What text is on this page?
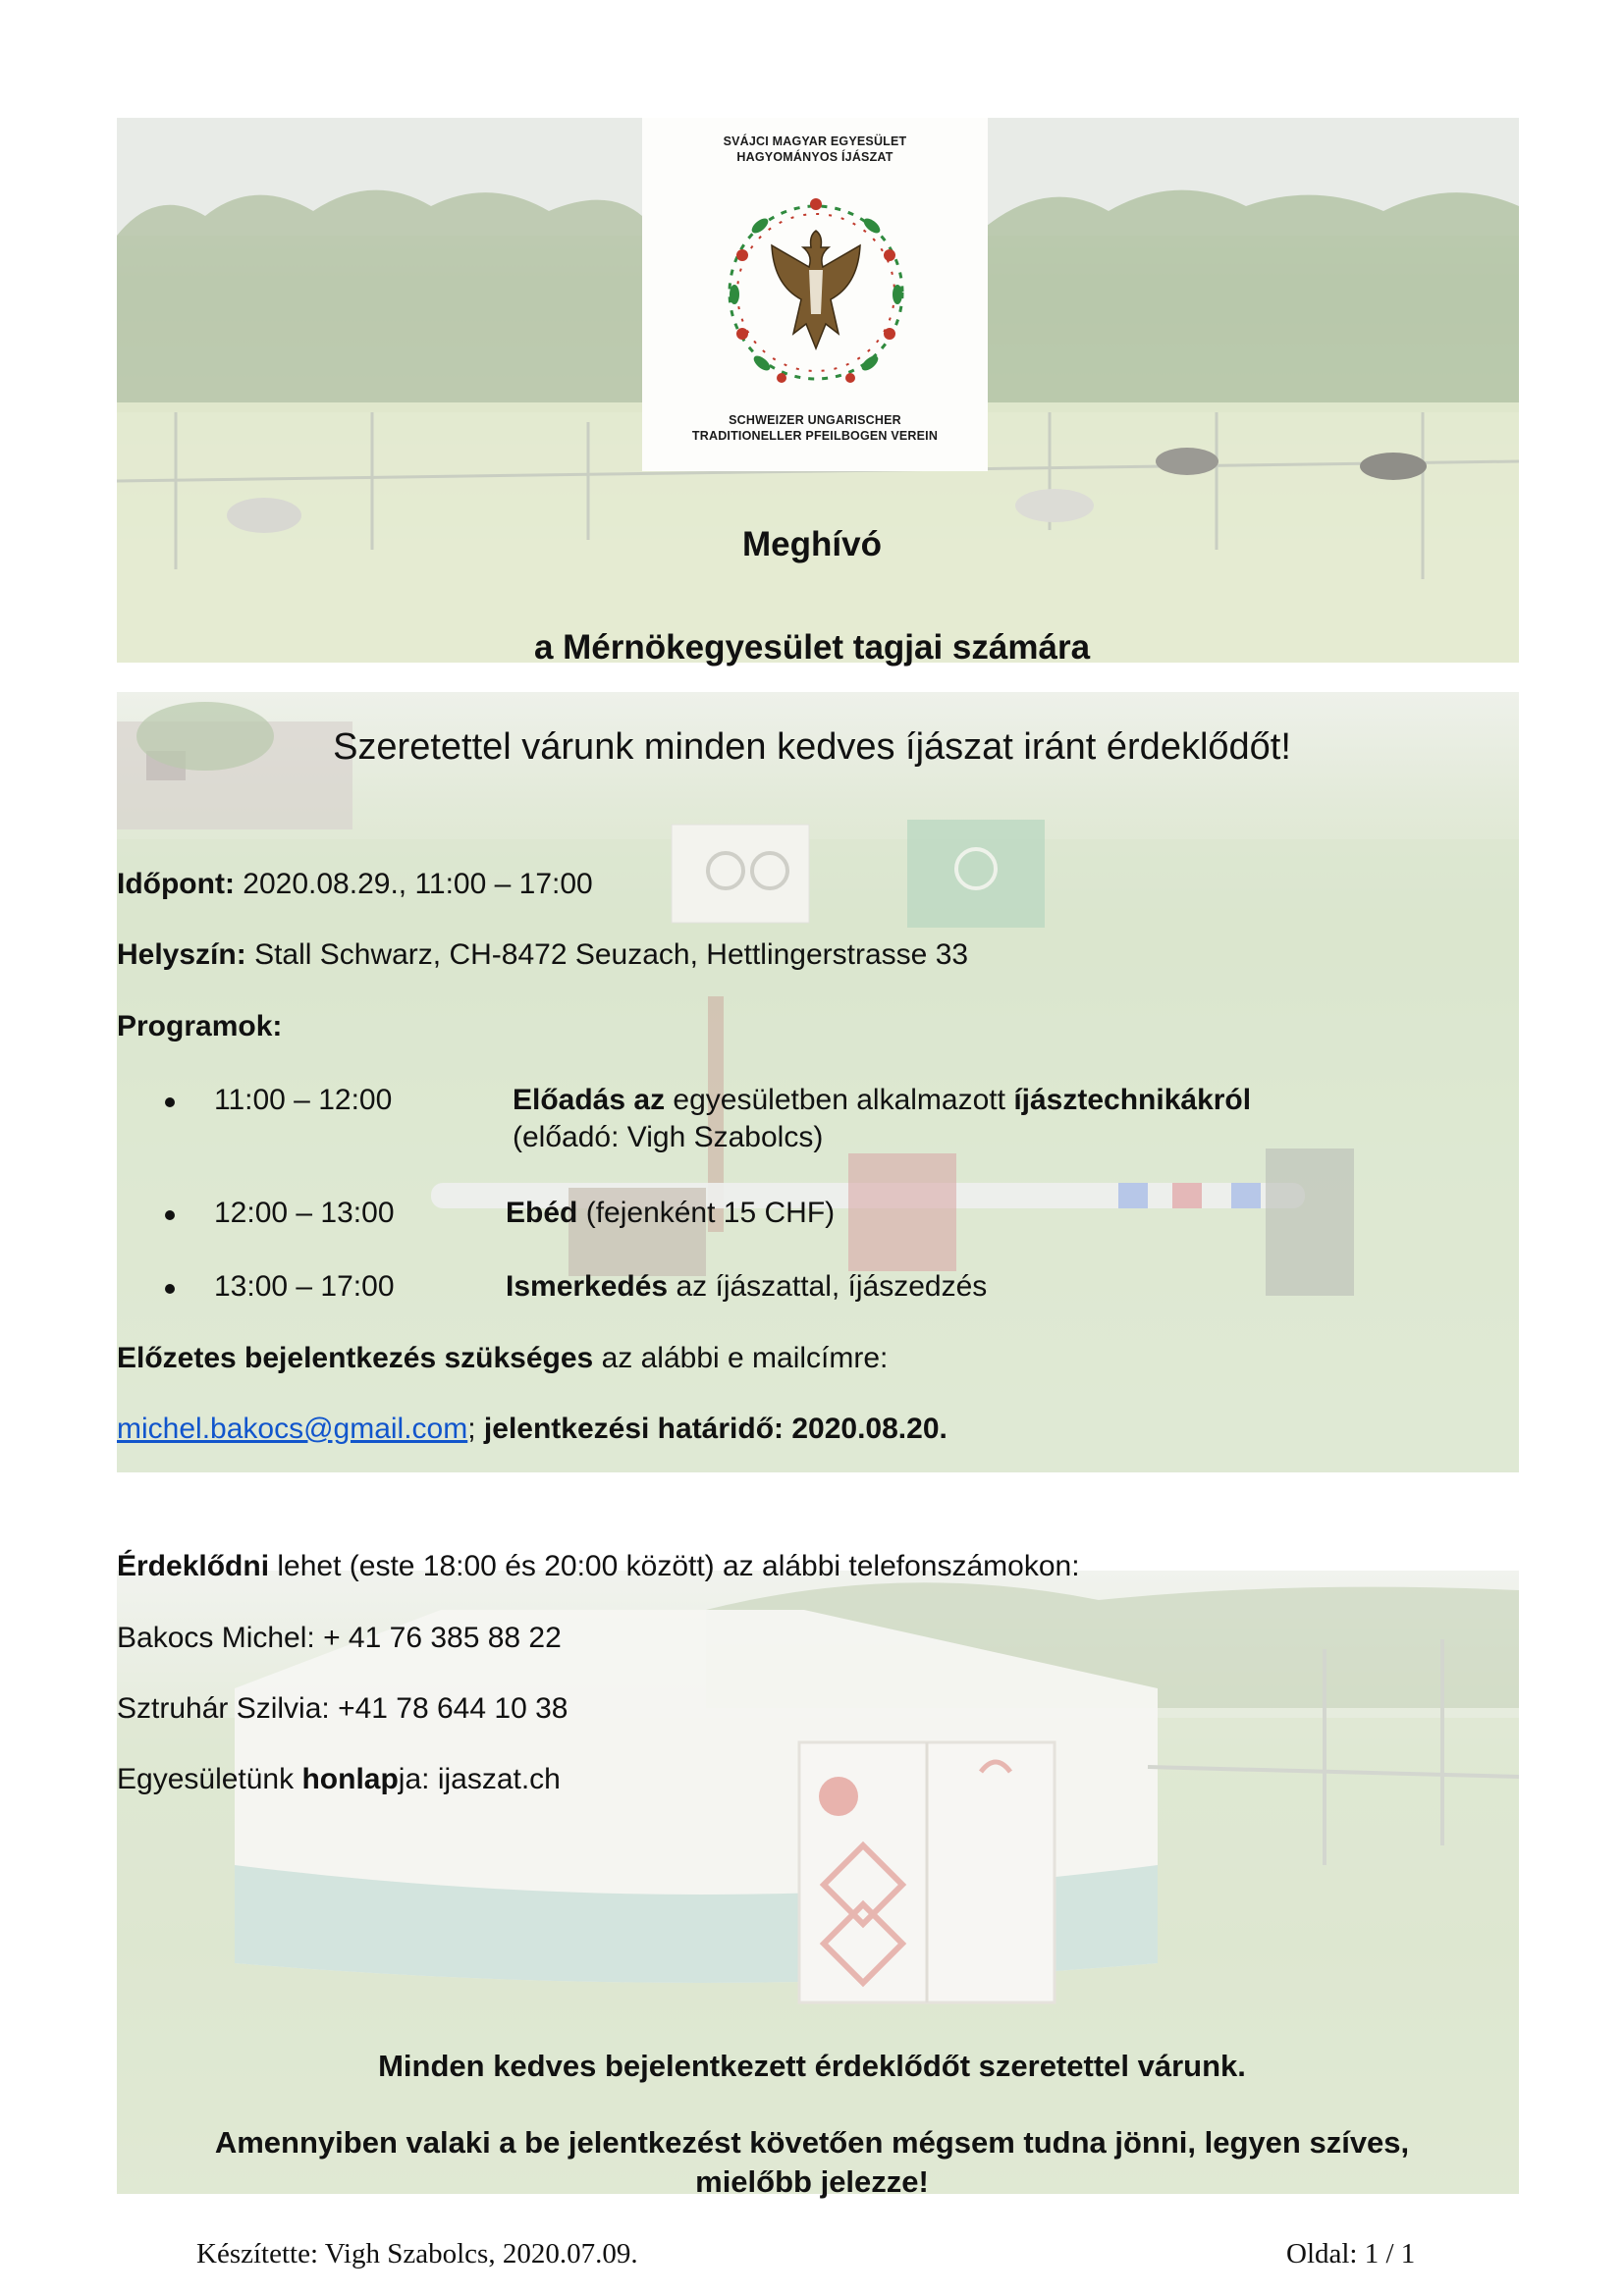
SVÁJCI MAGYAR EGYESÜLET
HAGYOMÁNYOS ÍJÁSZAT
SCHWEIZER UNGARISCHER
TRADITIONELLER PFEILBOGEN VEREIN
Meghívó
a Mérnökegyesület tagjai számára
Szeretettel várunk minden kedves íjászat iránt érdeklődőt!
Időpont: 2020.08.29., 11:00 – 17:00
Helyszín: Stall Schwarz, CH-8472 Seuzach, Hettlingerstrasse 33
Programok:
11:00 – 12:00	Előadás az egyesületben alkalmazott íjásztechnikákról
(előadó: Vigh Szabolcs)
12:00 – 13:00	Ebéd (fejenként 15 CHF)
13:00 – 17:00	Ismerkedés az íjászattal, íjászedzés
Előzetes bejelentkezés szükséges az alábbi e mailcímre:
michel.bakocs@gmail.com; jelentkezési határidő: 2020.08.20.
Érdeklődni lehet (este 18:00 és 20:00 között) az alábbi telefonszámokon:
Bakocs Michel: + 41 76 385 88 22
Sztruhár Szilvia: +41 78 644 10 38
Egyesületünk honlapja: ijaszat.ch
Minden kedves bejelentkezett érdeklődőt szeretettel várunk.
Amennyiben valaki a be jelentkezést követően mégsem tudna jönni, legyen szíves,
mielőbb jelezze!
Készítette: Vigh Szabolcs, 2020.07.09.	Oldal: 1 / 1
